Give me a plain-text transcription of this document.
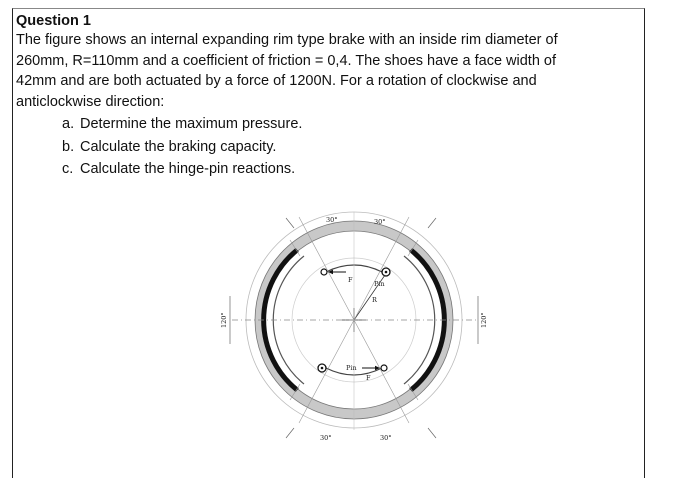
Question 1

The figure shows an internal expanding rim type brake with an inside rim diameter of

260mm, R=110mm and a coefficient of friction = 0,4. The shoes have a face width of

42mm and are both actuated by a force of 1200N. For a rotation of clockwise and

anticlockwise direction:

a. Determine the maximum pressure.
b. Calculate the braking capacity.
c. Calculate the hinge-pin reactions.
30°	30°
30°	30°
120°	120°
Pin
Pin
F
F
R
